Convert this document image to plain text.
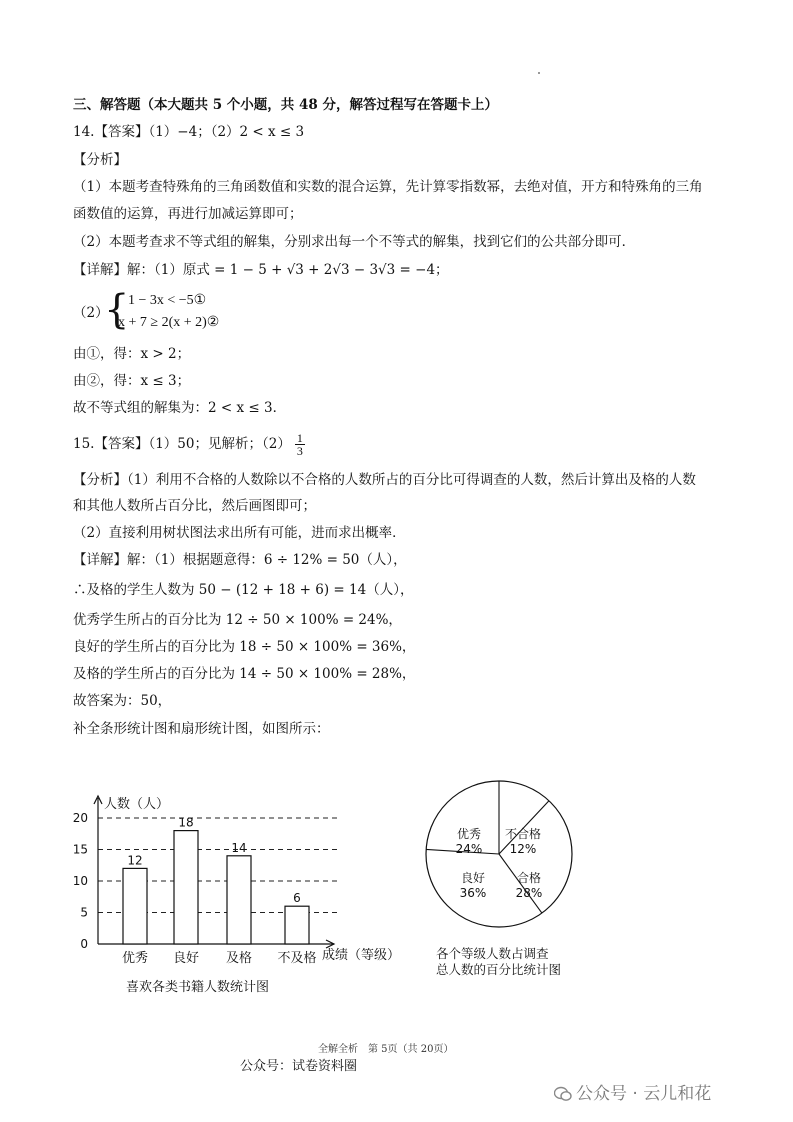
三、解答题（本大题共 5 个小题，共 48 分，解答过程写在答题卡上）
14.【答案】（1）−4；（2）2 < x ≤ 3
【分析】
（1）本题考查特殊角的三角函数值和实数的混合运算，先计算零指数幂，去绝对值，开方和特殊角的三角
函数值的运算，再进行加减运算即可；
（2）本题考查求不等式组的解集，分别求出每一个不等式的解集，找到它们的公共部分即可．
【详解】解：（1）原式 = 1 − 5 + √3 + 2√3 − 3√3 = −4；
（2）
{
1 − 3x < −5①
x + 7 ≥ 2(x + 2)②
由①，得：x > 2；
由②，得：x ≤ 3；
故不等式组的解集为：2 < x ≤ 3．
15.【答案】（1）50；见解析；$(2) \frac{1}{3}$
【分析】（1）利用不合格的人数除以不合格的人数所占的百分比可得调查的人数，然后计算出及格的人数
和其他人数所占百分比，然后画图即可；
（2）直接利用树状图法求出所有可能，进而求出概率．
【详解】解：（1）根据题意得：6 ÷ 12% = 50（人），
∴及格的学生人数为 50 − (12 + 18 + 6) = 14（人），
优秀学生所占的百分比为 12 ÷ 50 × 100% = 24%，
良好的学生所占的百分比为 18 ÷ 50 × 100% = 36%，
及格的学生所占的百分比为 14 ÷ 50 × 100% = 28%，
故答案为：50，
补全条形统计图和扇形统计图，如图所示：
0
5
10
15
20
12
优秀
18
良好
14
及格
6
不及格
人数（人）
成绩（等级）
喜欢各类书籍人数统计图
不合格
12%
合格
28%
良好
36%
优秀
24%
各个等级人数占调查
总人数的百分比统计图
全解全析　第 5页（共 20页）
公众号：试卷资料圈
公众号 · 云儿和花
